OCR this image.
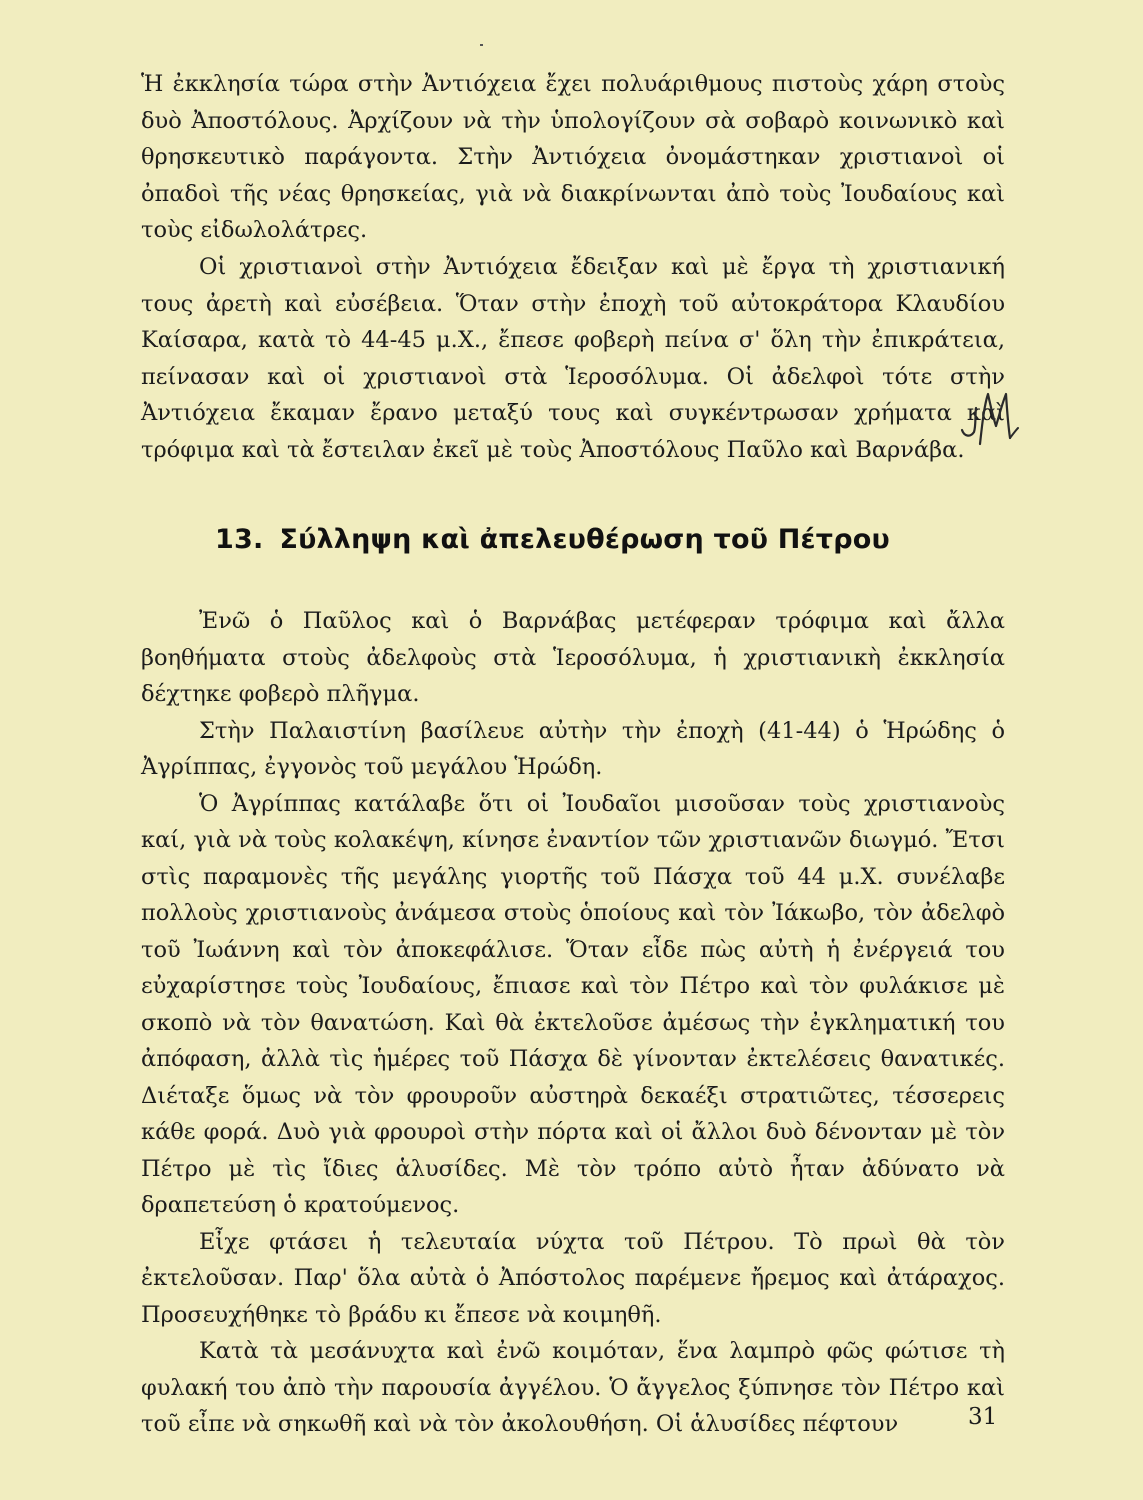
Ἡ ἐκκλησία τώρα στὴν Ἀντιόχεια ἔχει πολυάριθμους πιστοὺς χάρη στοὺς δυὸ Ἀποστόλους. Ἀρχίζουν νὰ τὴν ὑπολογίζουν σὰ σοβαρὸ κοινωνικὸ καὶ θρησκευτικὸ παράγοντα. Στὴν Ἀντιόχεια ὀνομάστηκαν χριστιανοὶ οἱ ὀπαδοὶ τῆς νέας θρησκείας, γιὰ νὰ διακρίνωνται ἀπὸ τοὺς Ἰουδαίους καὶ τοὺς εἰδωλολάτρες.

Οἱ χριστιανοὶ στὴν Ἀντιόχεια ἔδειξαν καὶ μὲ ἔργα τὴ χριστιανική τους ἀρετὴ καὶ εὐσέβεια. Ὅταν στὴν ἐποχὴ τοῦ αὐτοκράτορα Κλαυδίου Καίσαρα, κατὰ τὸ 44-45 μ.Χ., ἔπεσε φοβερὴ πείνα σ' ὅλη τὴν ἐπικράτεια, πείνασαν καὶ οἱ χριστιανοὶ στὰ Ἱεροσόλυμα. Οἱ ἀδελφοὶ τότε στὴν Ἀντιόχεια ἔκαμαν ἔρανο μεταξύ τους καὶ συγκέντρωσαν χρήματα καὶ τρόφιμα καὶ τὰ ἔστειλαν ἐκεῖ μὲ τοὺς Ἀποστόλους Παῦλο καὶ Βαρνάβα.

13. Σύλληψη καὶ ἀπελευθέρωση τοῦ Πέτρου

Ἐνῶ ὁ Παῦλος καὶ ὁ Βαρνάβας μετέφεραν τρόφιμα καὶ ἄλλα βοηθήματα στοὺς ἀδελφοὺς στὰ Ἱεροσόλυμα, ἡ χριστιανικὴ ἐκκλησία δέχτηκε φοβερὸ πλῆγμα.

Στὴν Παλαιστίνη βασίλευε αὐτὴν τὴν ἐποχὴ (41-44) ὁ Ἡρώδης ὁ Ἀγρίππας, ἐγγονὸς τοῦ μεγάλου Ἡρώδη.

Ὁ Ἀγρίππας κατάλαβε ὅτι οἱ Ἰουδαῖοι μισοῦσαν τοὺς χριστιανοὺς καί, γιὰ νὰ τοὺς κολακέψη, κίνησε ἐναντίον τῶν χριστιανῶν διωγμό. Ἔτσι στὶς παραμονὲς τῆς μεγάλης γιορτῆς τοῦ Πάσχα τοῦ 44 μ.Χ. συνέλαβε πολλοὺς χριστιανοὺς ἀνάμεσα στοὺς ὁποίους καὶ τὸν Ἰάκωβο, τὸν ἀδελφὸ τοῦ Ἰωάννη καὶ τὸν ἀποκεφάλισε. Ὅταν εἶδε πὼς αὐτὴ ἡ ἐνέργειά του εὐχαρίστησε τοὺς Ἰουδαίους, ἔπιασε καὶ τὸν Πέτρο καὶ τὸν φυλάκισε μὲ σκοπὸ νὰ τὸν θανατώση. Καὶ θὰ ἐκτελοῦσε ἀμέσως τὴν ἐγκληματική του ἀπόφαση, ἀλλὰ τὶς ἡμέρες τοῦ Πάσχα δὲ γίνονταν ἐκτελέσεις θανατικές. Διέταξε ὅμως νὰ τὸν φρουροῦν αὐστηρὰ δεκαέξι στρατιῶτες, τέσσερεις κάθε φορά. Δυὸ γιὰ φρουροὶ στὴν πόρτα καὶ οἱ ἄλλοι δυὸ δένονταν μὲ τὸν Πέτρο μὲ τὶς ἴδιες ἁλυσίδες. Μὲ τὸν τρόπο αὐτὸ ἦταν ἀδύνατο νὰ δραπετεύση ὁ κρατούμενος.

Εἶχε φτάσει ἡ τελευταία νύχτα τοῦ Πέτρου. Τὸ πρωὶ θὰ τὸν ἐκτελοῦσαν. Παρ' ὅλα αὐτὰ ὁ Ἀπόστολος παρέμενε ἤρεμος καὶ ἀτάραχος. Προσευχήθηκε τὸ βράδυ κι ἔπεσε νὰ κοιμηθῆ.

Κατὰ τὰ μεσάνυχτα καὶ ἐνῶ κοιμόταν, ἕνα λαμπρὸ φῶς φώτισε τὴ φυλακή του ἀπὸ τὴν παρουσία ἀγγέλου. Ὁ ἄγγελος ξύπνησε τὸν Πέτρο καὶ τοῦ εἶπε νὰ σηκωθῆ καὶ νὰ τὸν ἀκολουθήση. Οἱ ἁλυσίδες πέφτουν	31
